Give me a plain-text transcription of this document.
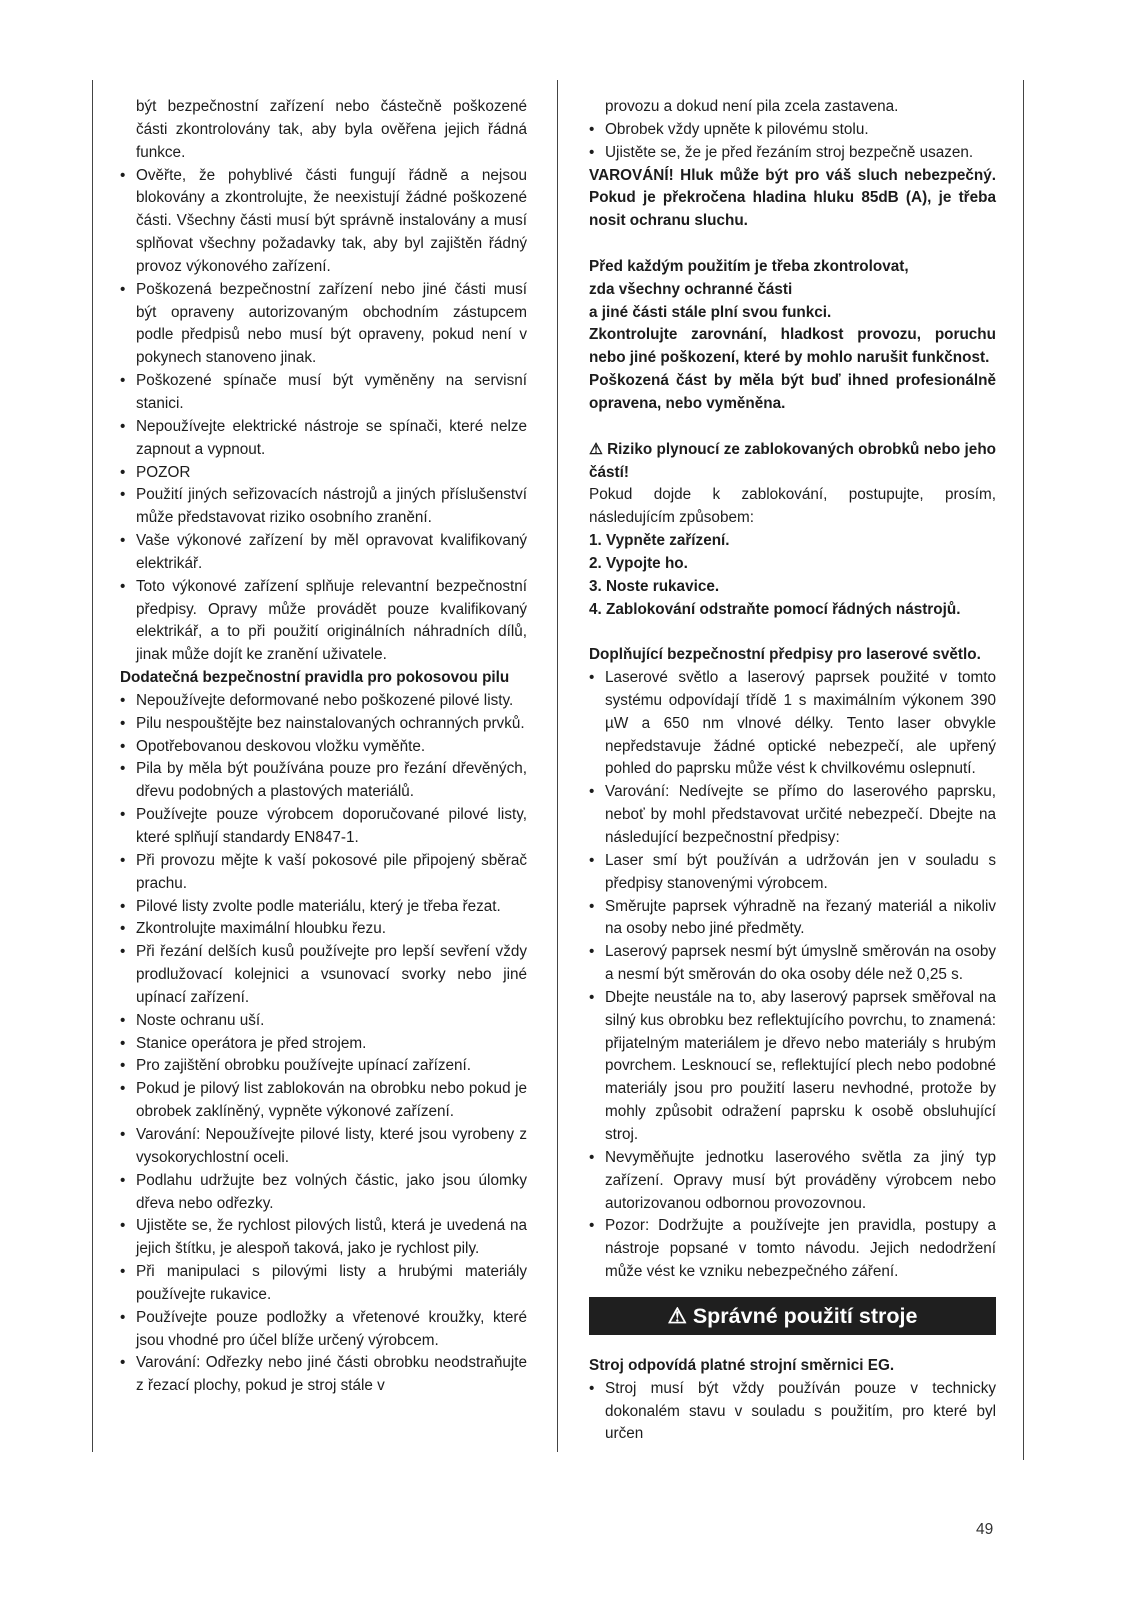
být bezpečnostní zařízení nebo částečně poškozené části zkontrolovány tak, aby byla ověřena jejich řádná funkce.

• Ověřte, že pohyblivé části fungují řádně a nejsou blokovány a zkontrolujte, že neexistují žádné poškozené části. Všechny části musí být správně instalovány a musí splňovat všechny požadavky tak, aby byl zajištěn řádný provoz výkonového zařízení.

• Poškozená bezpečnostní zařízení nebo jiné části musí být opraveny autorizovaným obchodním zástupcem podle předpisů nebo musí být opraveny, pokud není v pokynech stanoveno jinak.

• Poškozené spínače musí být vyměněny na servisní stanici.

• Nepoužívejte elektrické nástroje se spínači, které nelze zapnout a vypnout.

• POZOR

• Použití jiných seřizovacích nástrojů a jiných příslušenství může představovat riziko osobního zranění.

• Vaše výkonové zařízení by měl opravovat kvalifikovaný elektrikář.

• Toto výkonové zařízení splňuje relevantní bezpečnostní předpisy. Opravy může provádět pouze kvalifikovaný elektrikář, a to při použití originálních náhradních dílů, jinak může dojít ke zranění uživatele.

Dodatečná bezpečnostní pravidla pro pokosovou pilu

• Nepoužívejte deformované nebo poškozené pilové listy.

• Pilu nespouštějte bez nainstalovaných ochranných prvků.

• Opotřebovanou deskovou vložku vyměňte.

• Pila by měla být používána pouze pro řezání dřevěných, dřevu podobných a plastových materiálů.

• Používejte pouze výrobcem doporučované pilové listy, které splňují standardy EN847-1.

• Při provozu mějte k vaší pokosové pile připojený sběrač prachu.

• Pilové listy zvolte podle materiálu, který je třeba řezat.

• Zkontrolujte maximální hloubku řezu.

• Při řezání delších kusů používejte pro lepší sevření vždy prodlužovací kolejnici a vsunovací svorky nebo jiné upínací zařízení.

• Noste ochranu uší.

• Stanice operátora je před strojem.

• Pro zajištění obrobku používejte upínací zařízení.

• Pokud je pilový list zablokován na obrobku nebo pokud je obrobek zaklíněný, vypněte výkonové zařízení.

• Varování: Nepoužívejte pilové listy, které jsou vyrobeny z vysokorychlostní oceli.

• Podlahu udržujte bez volných částic, jako jsou úlomky dřeva nebo odřezky.

• Ujistěte se, že rychlost pilových listů, která je uvedená na jejich štítku, je alespoň taková, jako je rychlost pily.

• Při manipulaci s pilovými listy a hrubými materiály používejte rukavice.

• Používejte pouze podložky a vřetenové kroužky, které jsou vhodné pro účel blíže určený výrobcem.

• Varování: Odřezky nebo jiné části obrobku neodstraňujte z řezací plochy, pokud je stroj stále v

provozu a dokud není pila zcela zastavena.

• Obrobek vždy upněte k pilovému stolu.

• Ujistěte se, že je před řezáním stroj bezpečně usazen.

VAROVÁNÍ! Hluk může být pro váš sluch nebezpečný. Pokud je překročena hladina hluku 85dB (A), je třeba nosit ochranu sluchu.

Před každým použitím je třeba zkontrolovat,

zda všechny ochranné části

a jiné části stále plní svou funkci.

Zkontrolujte zarovnání, hladkost provozu, poruchu nebo jiné poškození, které by mohlo narušit funkčnost.

Poškozená část by měla být buď ihned profesionálně opravena, nebo vyměněna.

⚠ Riziko plynoucí ze zablokovaných obrobků nebo jeho částí!

Pokud dojde k zablokování, postupujte, prosím, následujícím způsobem:

1. Vypněte zařízení.

2. Vypojte ho.

3. Noste rukavice.

4. Zablokování odstraňte pomocí řádných nástrojů.

Doplňující bezpečnostní předpisy pro laserové světlo.

• Laserové světlo a laserový paprsek použité v tomto systému odpovídají třídě 1 s maximálním výkonem 390 µW a 650 nm vlnové délky. Tento laser obvykle nepředstavuje žádné optické nebezpečí, ale upřený pohled do paprsku může vést k chvilkovému oslepnutí.

• Varování: Nedívejte se přímo do laserového paprsku, neboť by mohl představovat určité nebezpečí. Dbejte na následující bezpečnostní předpisy:

• Laser smí být používán a udržován jen v souladu s předpisy stanovenými výrobcem.

• Směrujte paprsek výhradně na řezaný materiál a nikoliv na osoby nebo jiné předměty.

• Laserový paprsek nesmí být úmyslně směrován na osoby a nesmí být směrován do oka osoby déle než 0,25 s.

• Dbejte neustále na to, aby laserový paprsek směřoval na silný kus obrobku bez reflektujícího povrchu, to znamená: přijatelným materiálem je dřevo nebo materiály s hrubým povrchem. Lesknoucí se, reflektující plech nebo podobné materiály jsou pro použití laseru nevhodné, protože by mohly způsobit odražení paprsku k osobě obsluhující stroj.

• Nevyměňujte jednotku laserového světla za jiný typ zařízení. Opravy musí být prováděny výrobcem nebo autorizovanou odbornou provozovnou.

• Pozor: Dodržujte a používejte jen pravidla, postupy a nástroje popsané v tomto návodu. Jejich nedodržení může vést ke vzniku nebezpečného záření.

⚠ Správné použití stroje

Stroj odpovídá platné strojní směrnici EG.

• Stroj musí být vždy používán pouze v technicky dokonalém stavu v souladu s použitím, pro které byl určen

49
